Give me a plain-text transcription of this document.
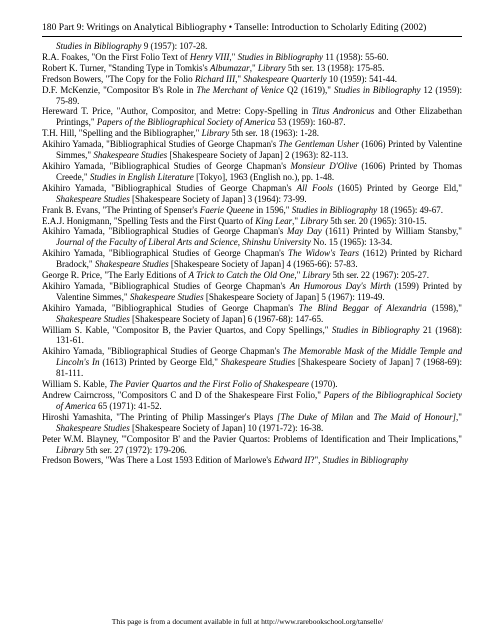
180 Part 9: Writings on Analytical Bibliography • Tanselle: Introduction to Scholarly Editing (2002)

Studies in Bibliography 9 (1957): 107-28.

R.A. Foakes, "On the First Folio Text of Henry VIII," Studies in Bibliography 11 (1958): 55-60.

Robert K. Turner, "Standing Type in Tomkis's Albumazar," Library 5th ser. 13 (1958): 175-85.

Fredson Bowers, "The Copy for the Folio Richard III," Shakespeare Quarterly 10 (1959): 541-44.

D.F. McKenzie, "Compositor B's Role in The Merchant of Venice Q2 (1619)," Studies in Bibliography 12 (1959): 75-89.

Hereward T. Price, "Author, Compositor, and Metre: Copy-Spelling in Titus Andronicus and Other Elizabethan Printings," Papers of the Bibliographical Society of America 53 (1959): 160-87.

T.H. Hill, "Spelling and the Bibliographer," Library 5th ser. 18 (1963): 1-28.

Akihiro Yamada, "Bibliographical Studies of George Chapman's The Gentleman Usher (1606) Printed by Valentine Simmes," Shakespeare Studies [Shakespeare Society of Japan] 2 (1963): 82-113.

Akihiro Yamada, "Bibliographical Studies of George Chapman's Monsieur D'Olive (1606) Printed by Thomas Creede," Studies in English Literature [Tokyo], 1963 (English no.), pp. 1-48.

Akihiro Yamada, "Bibliographical Studies of George Chapman's All Fools (1605) Printed by George Eld," Shakespeare Studies [Shakespeare Society of Japan] 3 (1964): 73-99.

Frank B. Evans, "The Printing of Spenser's Faerie Queene in 1596," Studies in Bibliography 18 (1965): 49-67.

E.A.J. Honigmann, "Spelling Tests and the First Quarto of King Lear," Library 5th ser. 20 (1965): 310-15.

Akihiro Yamada, "Bibliographical Studies of George Chapman's May Day (1611) Printed by William Stansby," Journal of the Faculty of Liberal Arts and Science, Shinshu University No. 15 (1965): 13-34.

Akihiro Yamada, "Bibliographical Studies of George Chapman's The Widow's Tears (1612) Printed by Richard Bradock," Shakespeare Studies [Shakespeare Society of Japan] 4 (1965-66): 57-83.

George R. Price, "The Early Editions of A Trick to Catch the Old One," Library 5th ser. 22 (1967): 205-27.

Akihiro Yamada, "Bibliographical Studies of George Chapman's An Humorous Day's Mirth (1599) Printed by Valentine Simmes," Shakespeare Studies [Shakespeare Society of Japan] 5 (1967): 119-49.

Akihiro Yamada, "Bibliographical Studies of George Chapman's The Blind Beggar of Alexandria (1598)," Shakespeare Studies [Shakespeare Society of Japan] 6 (1967-68): 147-65.

William S. Kable, "Compositor B, the Pavier Quartos, and Copy Spellings," Studies in Bibliography 21 (1968): 131-61.

Akihiro Yamada, "Bibliographical Studies of George Chapman's The Memorable Mask of the Middle Temple and Lincoln's In (1613) Printed by George Eld," Shakespeare Studies [Shakespeare Society of Japan] 7 (1968-69): 81-111.

William S. Kable, The Pavier Quartos and the First Folio of Shakespeare (1970).

Andrew Cairncross, "Compositors C and D of the Shakespeare First Folio," Papers of the Bibliographical Society of America 65 (1971): 41-52.

Hiroshi Yamashita, "The Printing of Philip Massinger's Plays [The Duke of Milan and The Maid of Honour]," Shakespeare Studies [Shakespeare Society of Japan] 10 (1971-72): 16-38.

Peter W.M. Blayney, "'Compositor B' and the Pavier Quartos: Problems of Identification and Their Implications," Library 5th ser. 27 (1972): 179-206.

Fredson Bowers, "Was There a Lost 1593 Edition of Marlowe's Edward II?", Studies in Bibliography

This page is from a document available in full at http://www.rarebookschool.org/tanselle/
